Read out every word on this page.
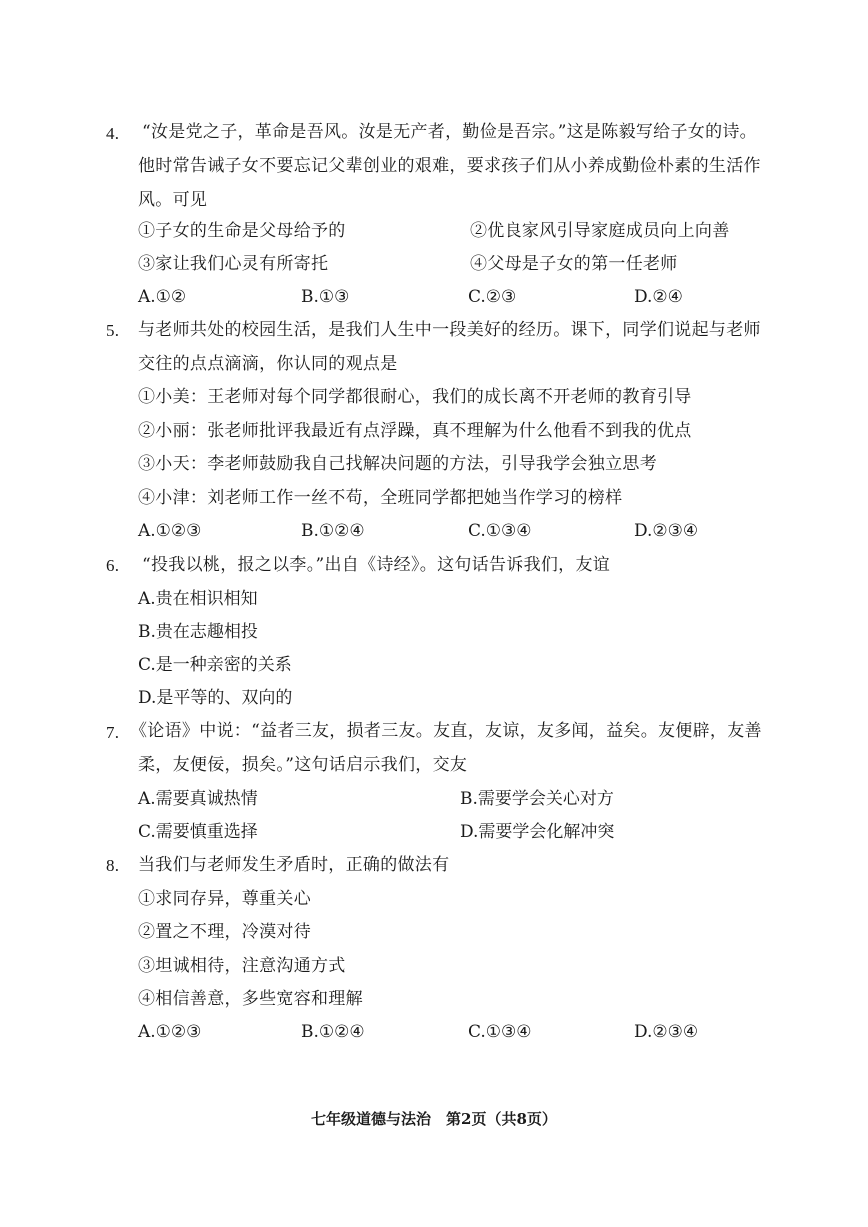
4. “汝是党之子，革命是吾风。汝是无产者，勤俭是吾宗。”这是陈毅写给子女的诗。
他时常告诫子女不要忘记父辈创业的艰难，要求孩子们从小养成勤俭朴素的生活作
风。可见
①子女的生命是父母给予的	②优良家风引导家庭成员向上向善
③家让我们心灵有所寄托	④父母是子女的第一任老师
A.①②	B.①③	C.②③	D.②④
5. 与老师共处的校园生活，是我们人生中一段美好的经历。课下，同学们说起与老师
交往的点点滴滴，你认同的观点是
①小美：王老师对每个同学都很耐心，我们的成长离不开老师的教育引导
②小丽：张老师批评我最近有点浮躁，真不理解为什么他看不到我的优点
③小天：李老师鼓励我自己找解决问题的方法，引导我学会独立思考
④小津：刘老师工作一丝不苟，全班同学都把她当作学习的榜样
A.①②③	B.①②④	C.①③④	D.②③④
6. “投我以桃，报之以李。”出自《诗经》。这句话告诉我们，友谊
A.贵在相识相知
B.贵在志趣相投
C.是一种亲密的关系
D.是平等的、双向的
7. 《论语》中说：“益者三友，损者三友。友直，友谅，友多闻，益矣。友便辟，友善
柔，友便佞，损矣。”这句话启示我们，交友
A.需要真诚热情	B.需要学会关心对方
C.需要慎重选择	D.需要学会化解冲突
8. 当我们与老师发生矛盾时，正确的做法有
①求同存异，尊重关心
②置之不理，冷漠对待
③坦诚相待，注意沟通方式
④相信善意，多些宽容和理解
A.①②③	B.①②④	C.①③④	D.②③④
七年级道德与法治　第2页（共8页）
